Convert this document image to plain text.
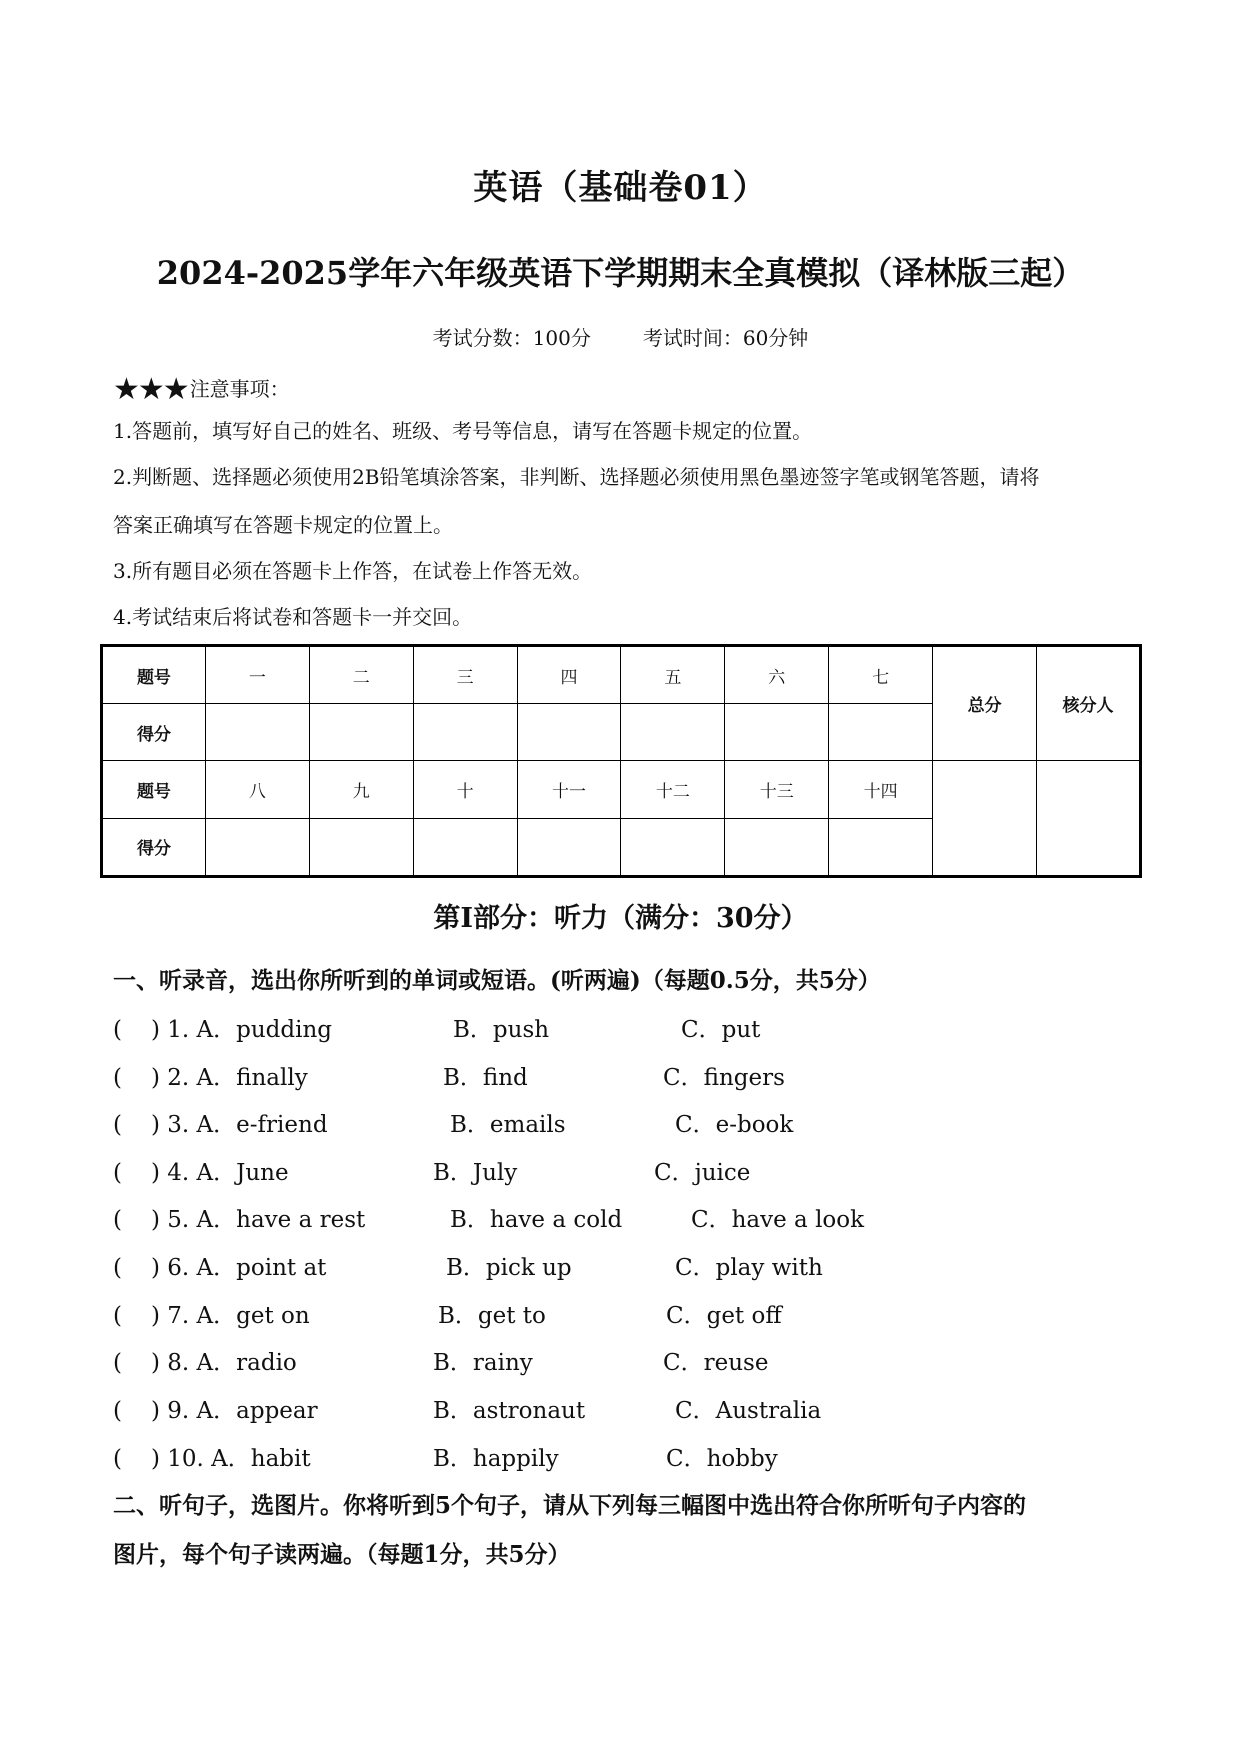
英语（基础卷01）
2024-2025学年六年级英语下学期期末全真模拟（译林版三起）
考试分数：100分	考试时间：60分钟
★★★ 注意事项：
1.答题前，填写好自己的姓名、班级、考号等信息，请写在答题卡规定的位置。
2.判断题、选择题必须使用2B铅笔填涂答案，非判断、选择题必须使用黑色墨迹签字笔或钢笔答题，请将
答案正确填写在答题卡规定的位置上。
3.所有题目必须在答题卡上作答，在试卷上作答无效。
4.考试结束后将试卷和答题卡一并交回。
题号	一	二	三	四	五	六	七	总分	核分人
得分									
题号	八	九	十	十一	十二	十三	十四		
得分									
第Ⅰ部分：听力（满分：30分）
一、听录音，选出你所听到的单词或短语。(听两遍)（每题0.5分，共5分）
( ) 1. A．pudding	B．push	C．put
( ) 2. A．finally	B．find	C．fingers
( ) 3. A．e-friend	B．emails	C．e-book
( ) 4. A．June	B．July	C．juice
( ) 5. A．have a rest	B．have a cold	C．have a look
( ) 6. A．point at	B．pick up	C．play with
( ) 7. A．get on	B．get to	C．get off
( ) 8. A．radio	B．rainy	C．reuse
( ) 9. A．appear	B．astronaut	C．Australia
( ) 10. A．habit	B．happily	C．hobby
二、听句子，选图片。你将听到5个句子，请从下列每三幅图中选出符合你所听句子内容的
图片，每个句子读两遍。（每题1分，共5分）
